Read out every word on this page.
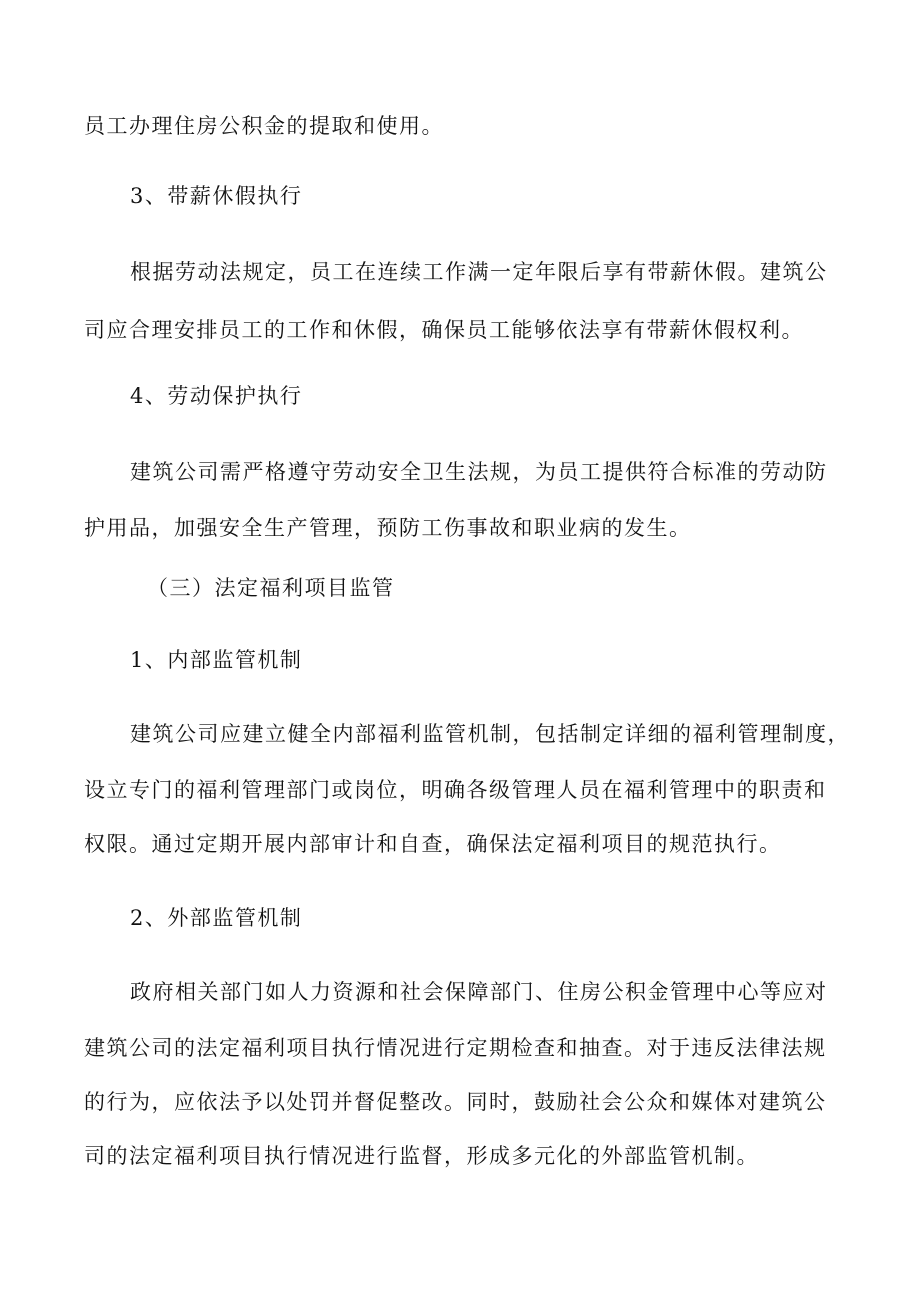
员工办理住房公积金的提取和使用。
3、带薪休假执行
根据劳动法规定，员工在连续工作满一定年限后享有带薪休假。建筑公
司应合理安排员工的工作和休假，确保员工能够依法享有带薪休假权利。
4、劳动保护执行
建筑公司需严格遵守劳动安全卫生法规，为员工提供符合标准的劳动防
护用品，加强安全生产管理，预防工伤事故和职业病的发生。
（三）法定福利项目监管
1、内部监管机制
建筑公司应建立健全内部福利监管机制，包括制定详细的福利管理制度，
设立专门的福利管理部门或岗位，明确各级管理人员在福利管理中的职责和
权限。通过定期开展内部审计和自查，确保法定福利项目的规范执行。
2、外部监管机制
政府相关部门如人力资源和社会保障部门、住房公积金管理中心等应对
建筑公司的法定福利项目执行情况进行定期检查和抽查。对于违反法律法规
的行为，应依法予以处罚并督促整改。同时，鼓励社会公众和媒体对建筑公
司的法定福利项目执行情况进行监督，形成多元化的外部监管机制。
